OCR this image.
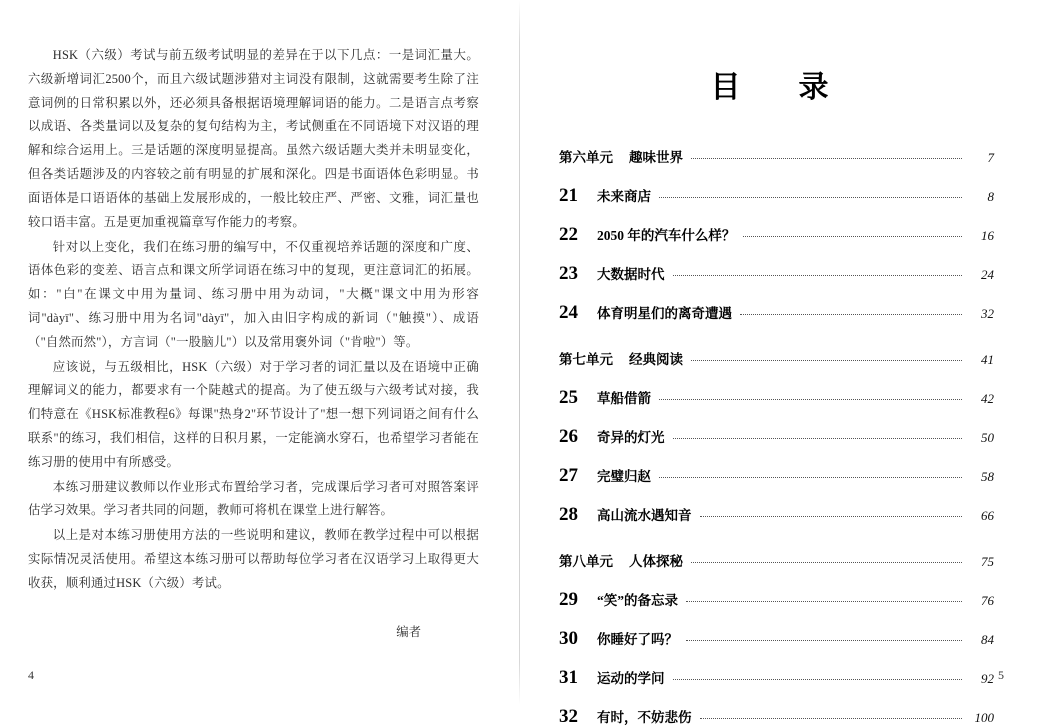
HSK（六级）考试与前五级考试明显的差异在于以下几点：一是词汇量大。六级新增词汇2500个，而且六级试题涉猎对主词没有限制，这就需要考生除了注意词例的日常积累以外，还必须具备根据语境理解词语的能力。二是语言点考察以成语、各类量词以及复杂的复句结构为主，考试侧重在不同语境下对汉语的理解和综合运用上。三是话题的深度明显提高。虽然六级话题大类并未明显变化，但各类话题涉及的内容较之前有明显的扩展和深化。四是书面语体色彩明显。书面语体是口语语体的基础上发展形成的，一般比较庄严、严密、文雅，词汇量也较口语丰富。五是更加重视篇章写作能力的考察。

针对以上变化，我们在练习册的编写中，不仅重视培养话题的深度和广度、语体色彩的变差、语言点和课文所学词语在练习中的复现，更注意词汇的拓展。如："白"在课文中用为量词、练习册中用为动词，"大概"课文中用为形容词"dàyī"、练习册中用为名词"dàyī"，加入由旧字构成的新词（"触摸"）、成语（"自然而然"），方言词（"一股脑儿"）以及常用褒外词（"肯啦"）等。

应该说，与五级相比，HSK（六级）对于学习者的词汇量以及在语境中正确理解词义的能力，都要求有一个陡越式的提高。为了使五级与六级考试对接，我们特意在《HSK标准教程6》每课"热身2"环节设计了"想一想下列词语之间有什么联系"的练习，我们相信，这样的日积月累，一定能滴水穿石，也希望学习者能在练习册的使用中有所感受。

本练习册建议教师以作业形式布置给学习者，完成课后学习者可对照答案评估学习效果。学习者共同的问题，教师可将机在课堂上进行解答。

以上是对本练习册使用方法的一些说明和建议，教师在教学过程中可以根据实际情况灵活使用。希望这本练习册可以帮助每位学习者在汉语学习上取得更大收获，顺利通过HSK（六级）考试。

编者
4
目　录
第六单元 趣味世界	7
21	未来商店	8
22	2050 年的汽车什么样？	16
23	大数据时代	24
24	体育明星们的离奇遭遇	32
第七单元 经典阅读	41
25	草船借箭	42
26	奇异的灯光	50
27	完璧归赵	58
28	高山流水遇知音	66
第八单元 人体探秘	75
29	“笑”的备忘录	76
30	你睡好了吗？	84
31	运动的学问	92
32	有时，不妨悲伤	100
5
